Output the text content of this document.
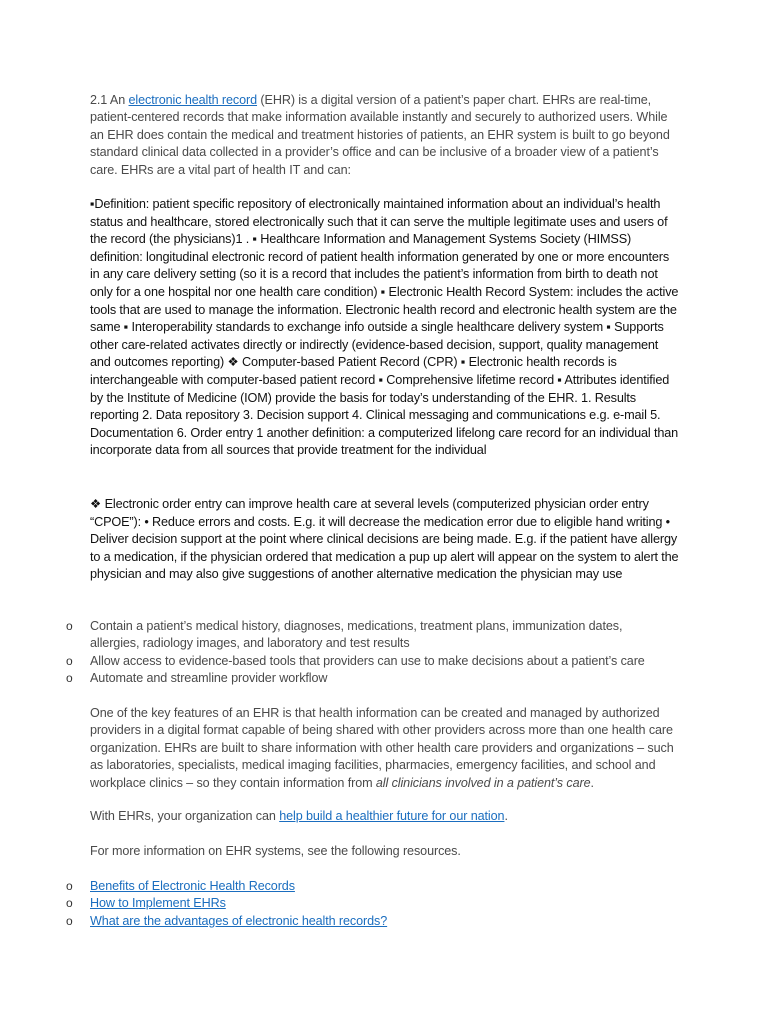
2.1 An electronic health record (EHR) is a digital version of a patient’s paper chart. EHRs are real-time, patient-centered records that make information available instantly and securely to authorized users. While an EHR does contain the medical and treatment histories of patients, an EHR system is built to go beyond standard clinical data collected in a provider’s office and can be inclusive of a broader view of a patient’s care. EHRs are a vital part of health IT and can:

▪Definition: patient specific repository of electronically maintained information about an individual’s health status and healthcare, stored electronically such that it can serve the multiple legitimate uses and users of the record (the physicians)1 . ▪ Healthcare Information and Management Systems Society (HIMSS) definition: longitudinal electronic record of patient health information generated by one or more encounters in any care delivery setting (so it is a record that includes the patient’s information from birth to death not only for a one hospital nor one health care condition) ▪ Electronic Health Record System: includes the active tools that are used to manage the information. Electronic health record and electronic health system are the same ▪ Interoperability standards to exchange info outside a single healthcare delivery system ▪ Supports other care-related activates directly or indirectly (evidence-based decision, support, quality management and outcomes reporting) ❖ Computer-based Patient Record (CPR) ▪ Electronic health records is interchangeable with computer-based patient record ▪ Comprehensive lifetime record ▪ Attributes identified by the Institute of Medicine (IOM) provide the basis for today’s understanding of the EHR. 1. Results reporting 2. Data repository 3. Decision support 4. Clinical messaging and communications e.g. e-mail 5. Documentation 6. Order entry 1 another definition: a computerized lifelong care record for an individual than incorporate data from all sources that provide treatment for the individual

❖ Electronic order entry can improve health care at several levels (computerized physician order entry “CPOE”): • Reduce errors and costs. E.g. it will decrease the medication error due to eligible hand writing • Deliver decision support at the point where clinical decisions are being made. E.g. if the patient have allergy to a medication, if the physician ordered that medication a pup up alert will appear on the system to alert the physician and may also give suggestions of another alternative medication the physician may use

o Contain a patient’s medical history, diagnoses, medications, treatment plans, immunization dates, allergies, radiology images, and laboratory and test results
o Allow access to evidence-based tools that providers can use to make decisions about a patient’s care
o Automate and streamline provider workflow

One of the key features of an EHR is that health information can be created and managed by authorized providers in a digital format capable of being shared with other providers across more than one health care organization. EHRs are built to share information with other health care providers and organizations – such as laboratories, specialists, medical imaging facilities, pharmacies, emergency facilities, and school and workplace clinics – so they contain information from all clinicians involved in a patient’s care.

With EHRs, your organization can help build a healthier future for our nation.

For more information on EHR systems, see the following resources.

o Benefits of Electronic Health Records
o How to Implement EHRs
o What are the advantages of electronic health records?
